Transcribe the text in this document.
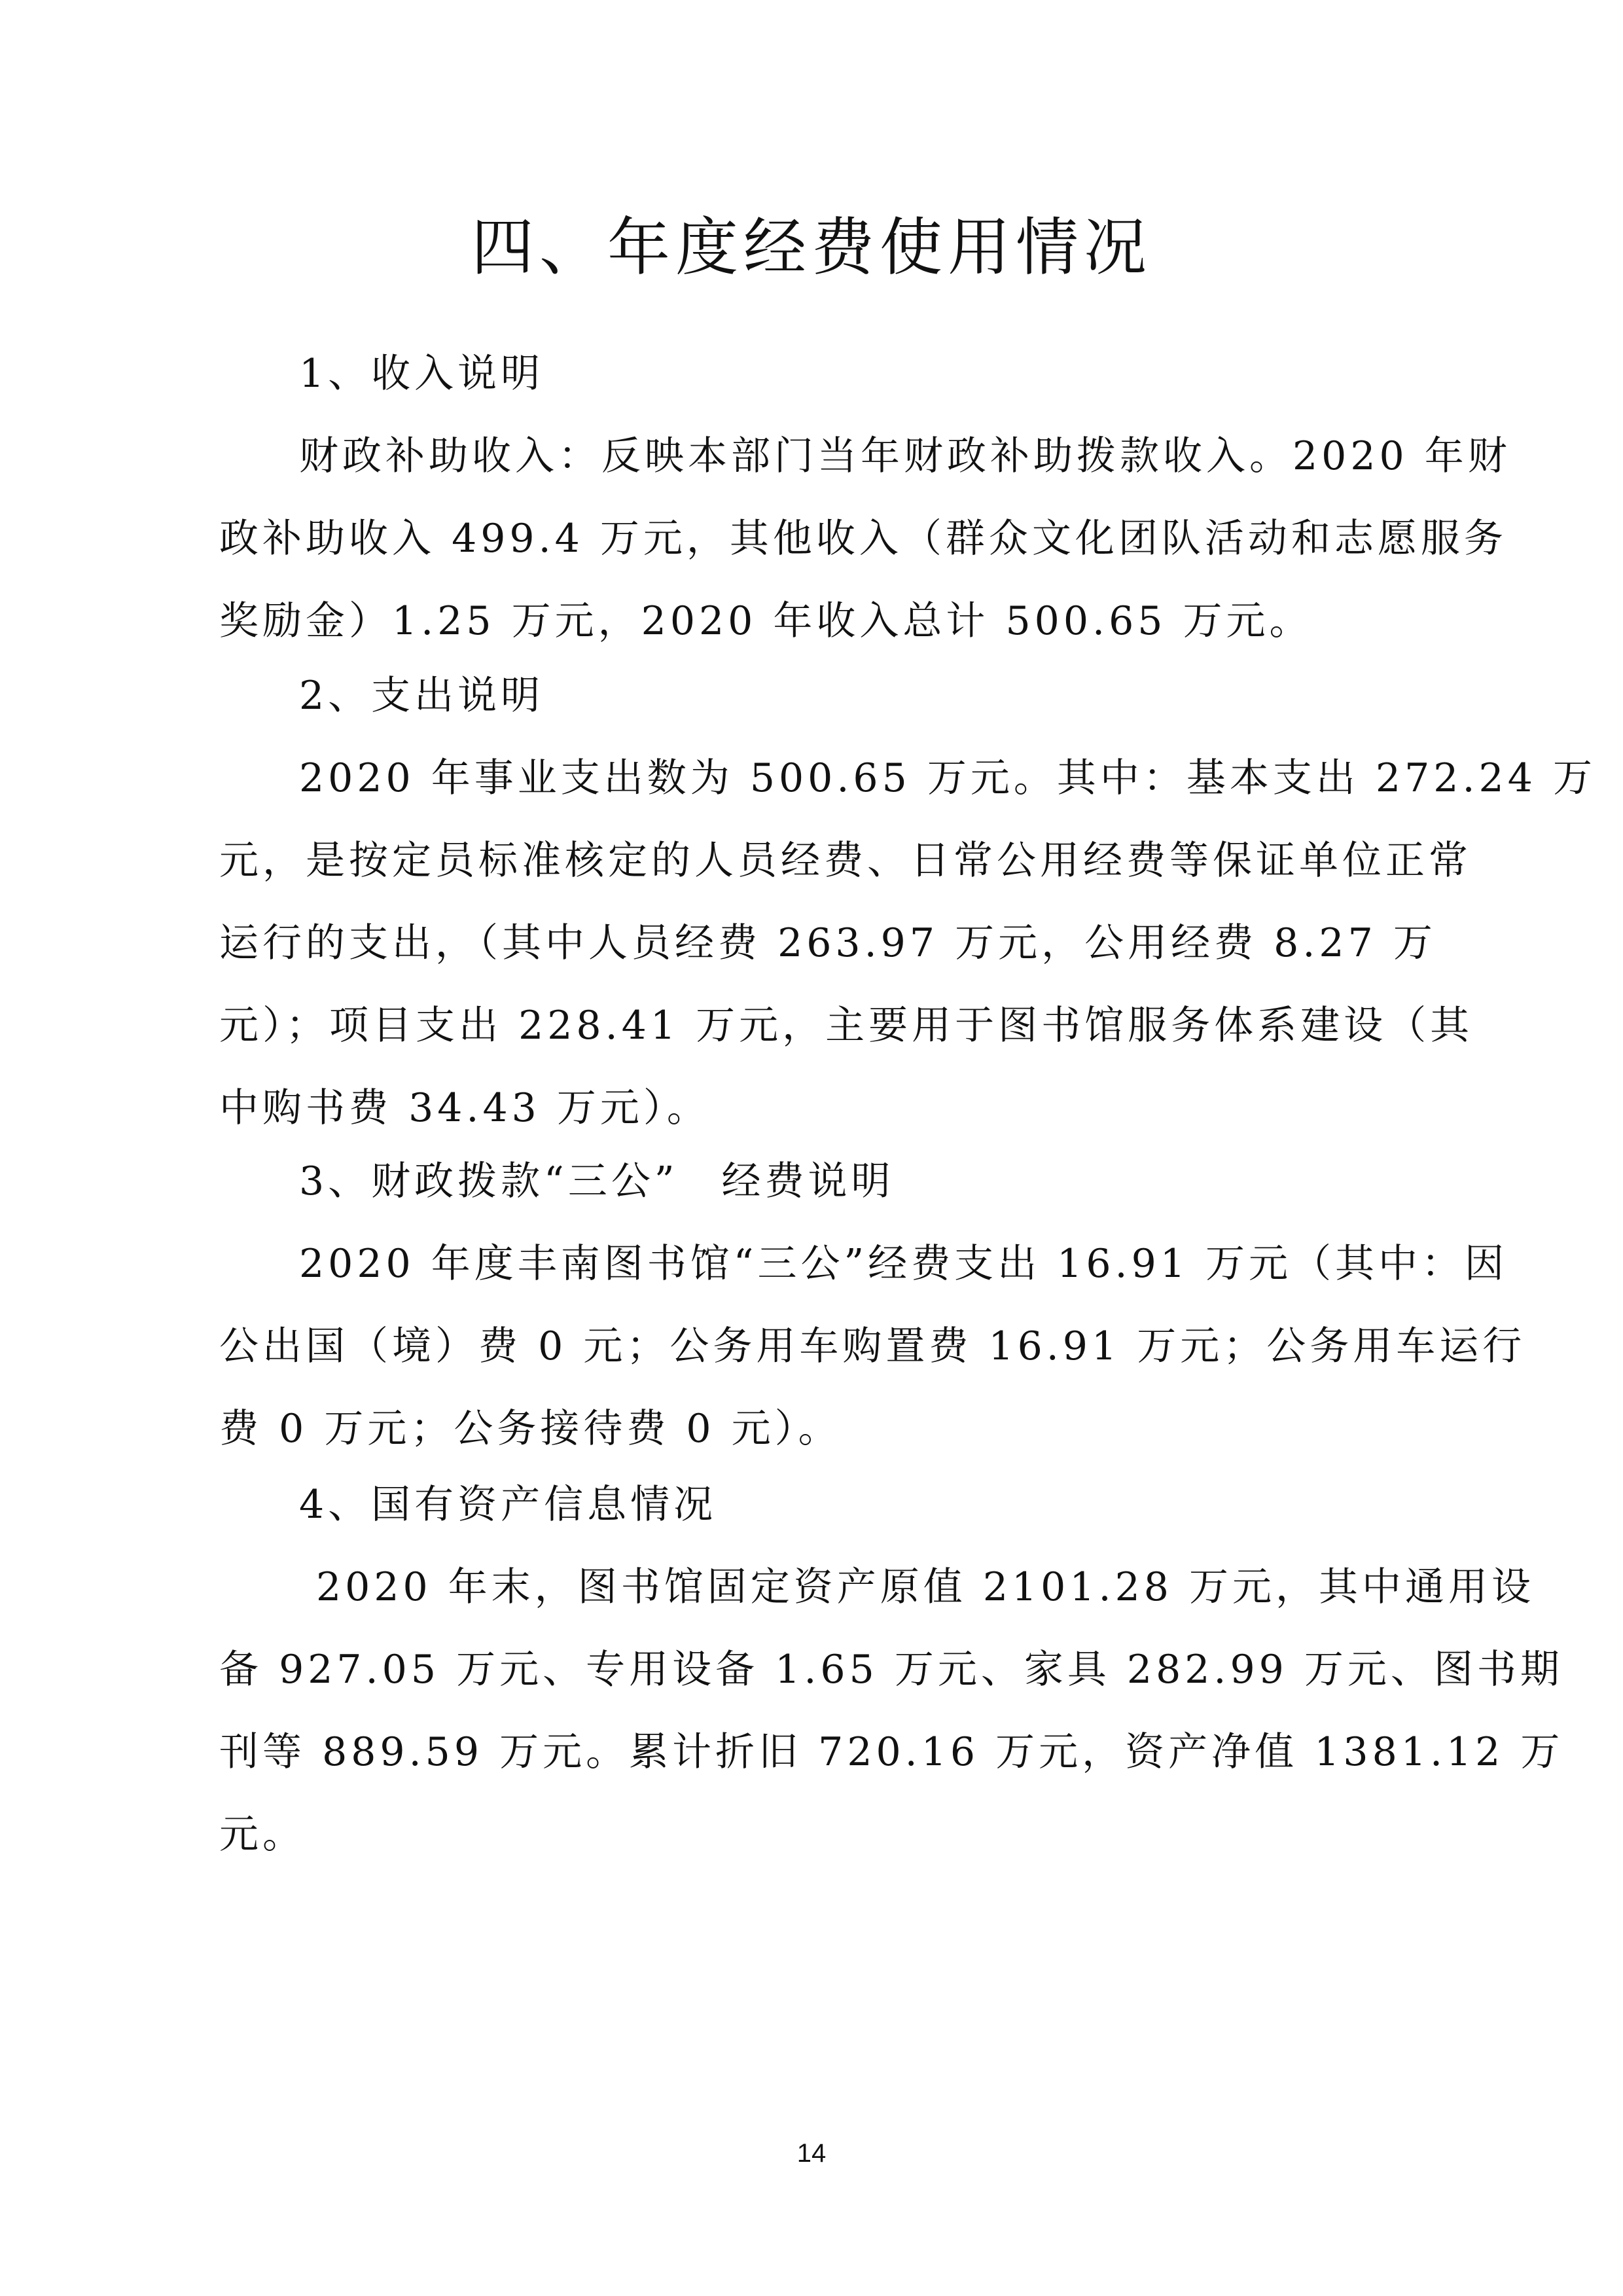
四、年度经费使用情况
1、收入说明
财政补助收入：反映本部门当年财政补助拨款收入。2020 年财
政补助收入 499.4 万元，其他收入（群众文化团队活动和志愿服务
奖励金）1.25 万元，2020 年收入总计 500.65 万元。
2、支出说明
2020 年事业支出数为 500.65 万元。其中：基本支出 272.24 万
元，是按定员标准核定的人员经费、日常公用经费等保证单位正常
运行的支出，（其中人员经费 263.97 万元，公用经费 8.27 万
元）；项目支出 228.41 万元，主要用于图书馆服务体系建设（其
中购书费 34.43 万元）。
3、财政拨款“三公”　经费说明
2020 年度丰南图书馆“三公”经费支出 16.91 万元（其中：因
公出国（境）费 0 元；公务用车购置费 16.91 万元；公务用车运行
费 0 万元；公务接待费 0 元）。
4、国有资产信息情况
2020 年末，图书馆固定资产原值 2101.28 万元，其中通用设
备 927.05 万元、专用设备 1.65 万元、家具 282.99 万元、图书期
刊等 889.59 万元。累计折旧 720.16 万元，资产净值 1381.12 万
元。
14
